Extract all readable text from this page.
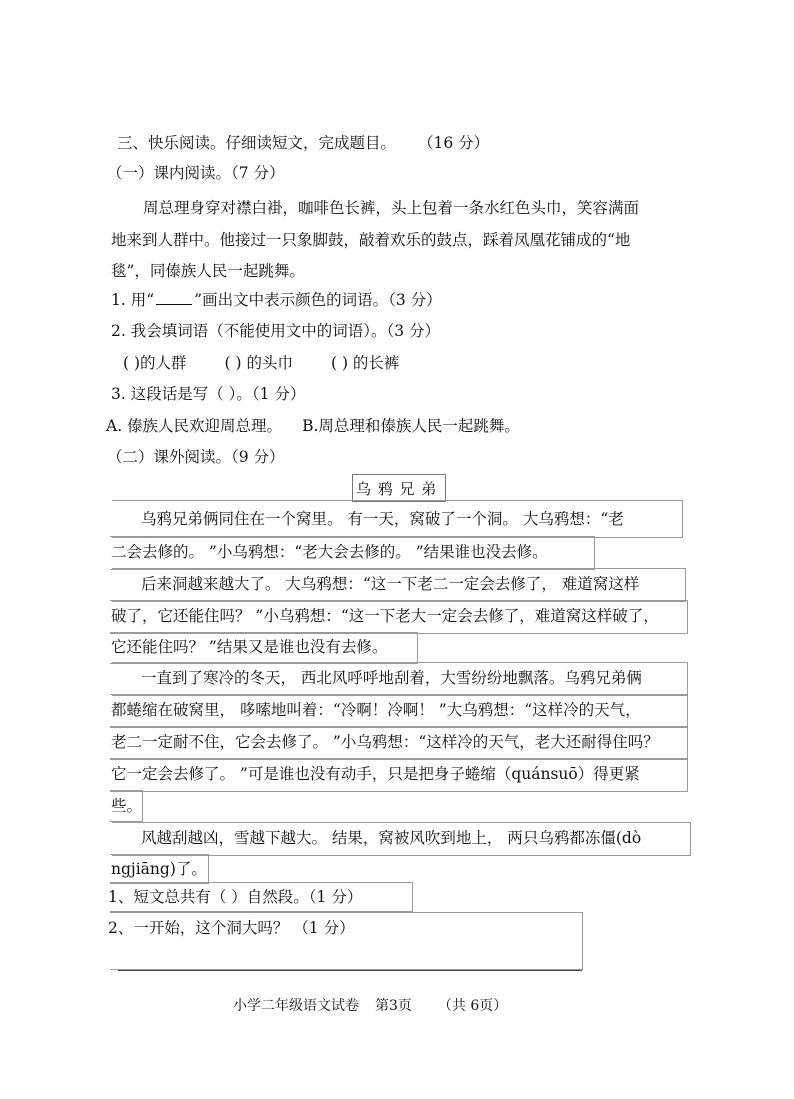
三、快乐阅读。仔细读短文，完成题目。 （16 分）
（一）课内阅读。（7 分）
周总理身穿对襟白褂，咖啡色长裤，头上包着一条水红色头巾，笑容满面
地来到人群中。他接过一只象脚鼓，敲着欢乐的鼓点，踩着凤凰花铺成的“地
毯”，同傣族人民一起跳舞。
1. 用“	”画出文中表示颜色的词语。（3 分）
2. 我会填词语（不能使用文中的词语）。（3 分）
( )的人群 ( ) 的头巾 ( ) 的长裤
3. 这段话是写（ ）。（1 分）
A. 傣族人民欢迎周总理。 B.周总理和傣族人民一起跳舞。
（二）课外阅读。（9 分）
乌 鸦 兄 弟
乌鸦兄弟俩同住在一个窝里。 有一天，窝破了一个洞。 大乌鸦想：“老
二会去修的。 ”小乌鸦想：“老大会去修的。 ”结果谁也没去修。
后来洞越来越大了。 大乌鸦想：“这一下老二一定会去修了， 难道窝这样
破了，它还能住吗？ ”小乌鸦想：“这一下老大一定会去修了，难道窝这样破了，
它还能住吗？ ”结果又是谁也没有去修。
一直到了寒冷的冬天， 西北风呼呼地刮着，大雪纷纷地飘落。乌鸦兄弟俩
都蜷缩在破窝里， 哆嗦地叫着：“冷啊！冷啊！ ”大乌鸦想：“这样冷的天气，
老二一定耐不住，它会去修了。 ”小乌鸦想：“这样冷的天气，老大还耐得住吗？
它一定会去修了。 ”可是谁也没有动手，只是把身子蜷缩（quánsuō）得更紧
些。
风越刮越凶，雪越下越大。 结果，窝被风吹到地上， 两只乌鸦都冻僵(dò
ngjiāng)了。
1、短文总共有（ ）自然段。（1 分）
2、一开始，这个洞大吗？ （1 分）
小学二年级语文试卷 第3页 （共 6页）
